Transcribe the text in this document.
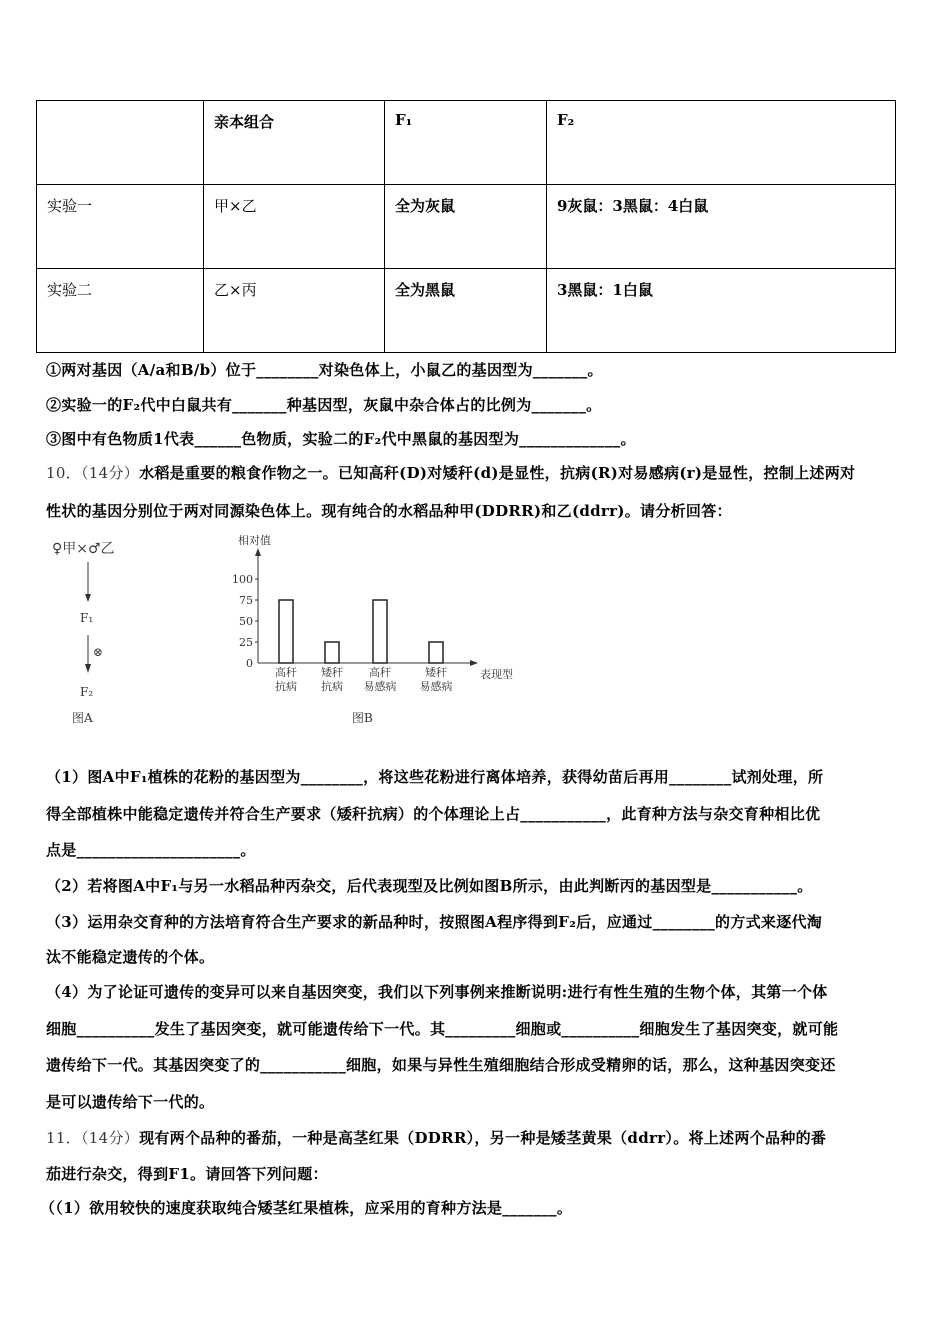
	亲本组合	F₁	F₂
实验一	甲×乙	全为灰鼠	9灰鼠：3黑鼠：4白鼠
实验二	乙×丙	全为黑鼠	3黑鼠：1白鼠
①两对基因（A/a和B/b）位于________对染色体上，小鼠乙的基因型为_______。
②实验一的F₂代中白鼠共有_______种基因型，灰鼠中杂合体占的比例为_______。
③图中有色物质1代表______色物质，实验二的F₂代中黑鼠的基因型为_____________。
10．（14分）水稻是重要的粮食作物之一。已知高秆(D)对矮秆(d)是显性，抗病(R)对易感病(r)是显性，控制上述两对
性状的基因分别位于两对同源染色体上。现有纯合的水稻品种甲(DDRR)和乙(ddrr)。请分析回答：
♀甲×♂乙
F₁
⊗
F₂
图A
相对值
表现型
0
25
50
75
100
高秆
抗病
矮秆
抗病
高秆
易感病
矮秆
易感病
图B
（1）图A中F₁植株的花粉的基因型为________，将这些花粉进行离体培养，获得幼苗后再用________试剂处理，所
得全部植株中能稳定遗传并符合生产要求（矮秆抗病）的个体理论上占___________，此育种方法与杂交育种相比优
点是_____________________。
（2）若将图A中F₁与另一水稻品种丙杂交，后代表现型及比例如图B所示，由此判断丙的基因型是___________。
（3）运用杂交育种的方法培育符合生产要求的新品种时，按照图A程序得到F₂后，应通过________的方式来逐代淘
汰不能稳定遗传的个体。
（4）为了论证可遗传的变异可以来自基因突变，我们以下列事例来推断说明:进行有性生殖的生物个体，其第一个体
细胞__________发生了基因突变，就可能遗传给下一代。其_________细胞或__________细胞发生了基因突变，就可能
遗传给下一代。其基因突变了的___________细胞，如果与异性生殖细胞结合形成受精卵的话，那么，这种基因突变还
是可以遗传给下一代的。
11．（14分）现有两个品种的番茄，一种是高茎红果（DDRR），另一种是矮茎黄果（ddrr）。将上述两个品种的番
茄进行杂交，得到F1。请回答下列问题：
（（1）欲用较快的速度获取纯合矮茎红果植株，应采用的育种方法是_______。
